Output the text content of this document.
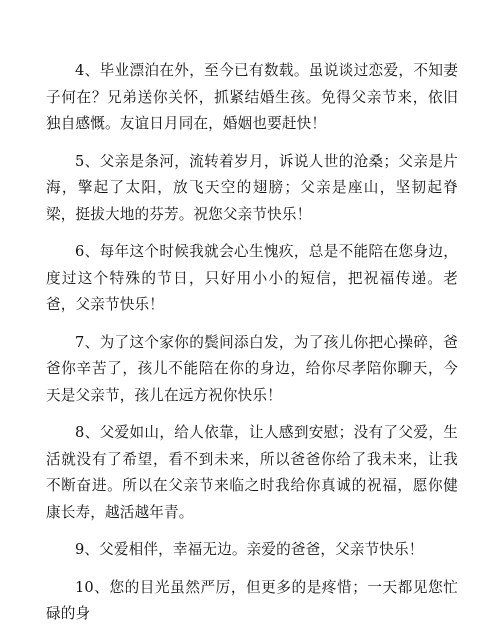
4、毕业漂泊在外，至今已有数载。虽说谈过恋爱，不知妻子何在？兄弟送你关怀，抓紧结婚生孩。免得父亲节来，依旧独自感慨。友谊日月同在，婚姻也要赶快！

5、父亲是条河，流转着岁月，诉说人世的沧桑；父亲是片海，擎起了太阳，放飞天空的翅膀；父亲是座山，坚韧起脊梁，挺拔大地的芬芳。祝您父亲节快乐！

6、每年这个时候我就会心生愧疚，总是不能陪在您身边，度过这个特殊的节日，只好用小小的短信，把祝福传递。老爸，父亲节快乐！

7、为了这个家你的鬓间添白发，为了孩儿你把心操碎，爸爸你辛苦了，孩儿不能陪在你的身边，给你尽孝陪你聊天，今天是父亲节，孩儿在远方祝你快乐！

8、父爱如山，给人依靠，让人感到安慰；没有了父爱，生活就没有了希望，看不到未来，所以爸爸你给了我未来，让我不断奋进。所以在父亲节来临之时我给你真诚的祝福，愿你健康长寿，越活越年青。

9、父爱相伴，幸福无边。亲爱的爸爸，父亲节快乐！

10、您的目光虽然严厉，但更多的是疼惜；一天都见您忙碌的身
